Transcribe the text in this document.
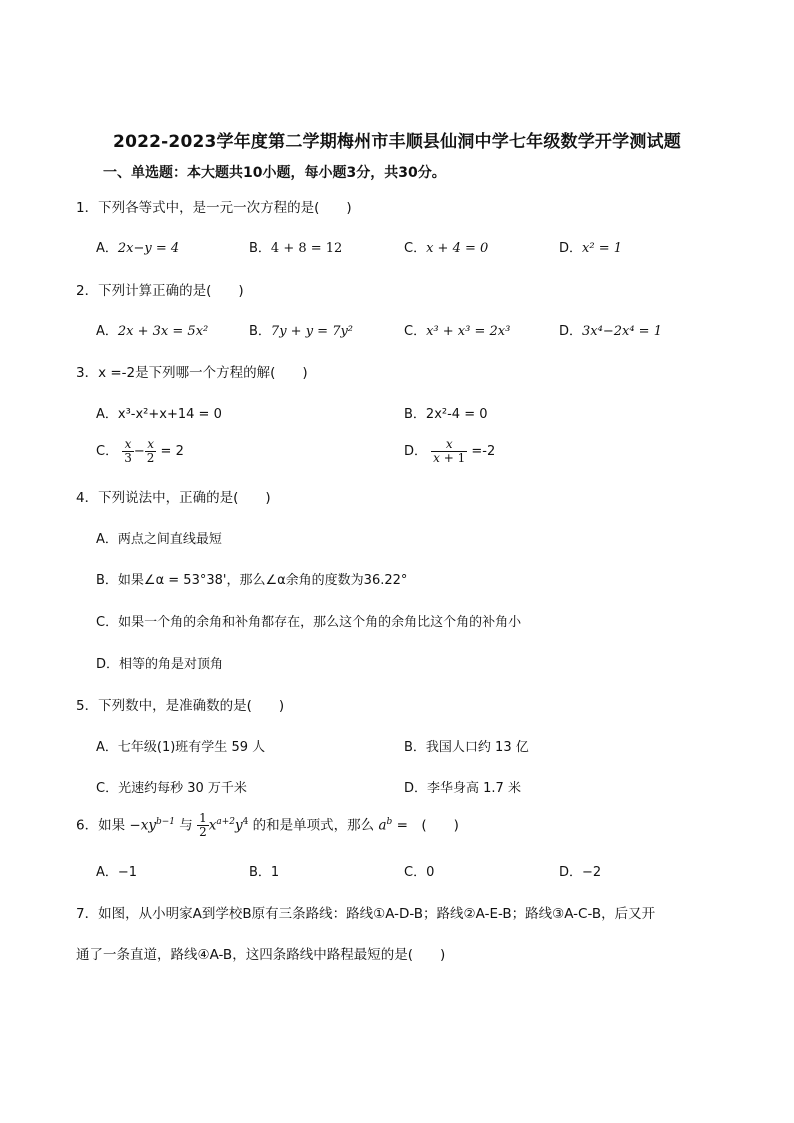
2022-2023学年度第二学期梅州市丰顺县仙洞中学七年级数学开学测试题
一、单选题：本大题共10小题，每小题3分，共30分。
1．下列各等式中，是一元一次方程的是(　　)
A．2x−y = 4	B．4 + 8 = 12	C．x + 4 = 0	D．x² = 1
2．下列计算正确的是(　　)
A．2x + 3x = 5x²	B．7y + y = 7y²	C．x³ + x³ = 2x³	D．3x⁴−2x⁴ = 1
3．x =-2是下列哪一个方程的解(　　)
A．x³-x²+x+14 = 0	B．2x²-4 = 0
C． $\frac{x}{3} - \frac{x}{2} = 2$	D． $\frac{x}{x + 1} =-2$
4．下列说法中，正确的是(　　)
A．两点之间直线最短
B．如果∠α = 53°38'，那么∠α余角的度数为36.22°
C．如果一个角的余角和补角都存在，那么这个角的余角比这个角的补角小
D．相等的角是对顶角
5．下列数中，是准确数的是(　　)
A．七年级(1)班有学生 59 人	B．我国人口约 13 亿
C．光速约每秒 30 万千米	D．李华身高 1.7 米
6．如果 $-xy^{b-1}$ 与 $\frac{1}{2} x^{a+2}y^4$ 的和是单项式，那么 $a^b$ =　(　　)
A．−1	B．1	C．0	D．−2
7．如图，从小明家A到学校B原有三条路线：路线①A-D-B；路线②A-E-B；路线③A-C-B，后又开
通了一条直道，路线④A-B，这四条路线中路程最短的是(　　)
